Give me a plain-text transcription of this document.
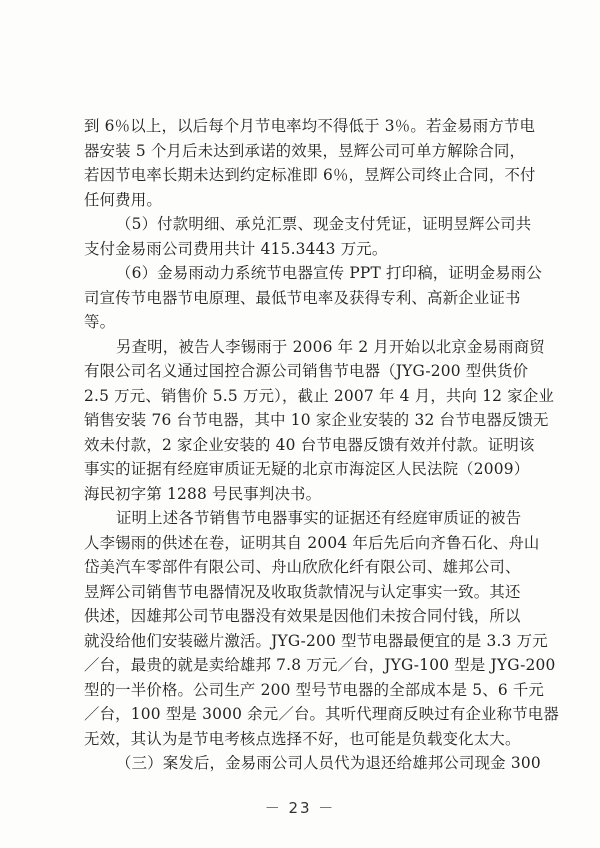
到 6％以上，以后每个月节电率均不得低于 3％。若金易雨方节电
器安装 5 个月后未达到承诺的效果，昱辉公司可单方解除合同，
若因节电率长期未达到约定标准即 6％，昱辉公司终止合同，不付
任何费用。
（5）付款明细、承兑汇票、现金支付凭证，证明昱辉公司共
支付金易雨公司费用共计 415.3443 万元。
（6）金易雨动力系统节电器宣传 PPT 打印稿，证明金易雨公
司宣传节电器节电原理、最低节电率及获得专利、高新企业证书
等。
另查明，被告人李锡雨于 2006 年 2 月开始以北京金易雨商贸
有限公司名义通过国控合源公司销售节电器（JYG-200 型供货价
2.5 万元、销售价 5.5 万元），截止 2007 年 4 月，共向 12 家企业
销售安装 76 台节电器，其中 10 家企业安装的 32 台节电器反馈无
效未付款，2 家企业安装的 40 台节电器反馈有效并付款。证明该
事实的证据有经庭审质证无疑的北京市海淀区人民法院（2009）
海民初字第 1288 号民事判决书。
证明上述各节销售节电器事实的证据还有经庭审质证的被告
人李锡雨的供述在卷，证明其自 2004 年后先后向齐鲁石化、舟山
岱美汽车零部件有限公司、舟山欣欣化纤有限公司、雄邦公司、
昱辉公司销售节电器情况及收取货款情况与认定事实一致。其还
供述，因雄邦公司节电器没有效果是因他们未按合同付钱，所以
就没给他们安装磁片激活。JYG-200 型节电器最便宜的是 3.3 万元
／台，最贵的就是卖给雄邦 7.8 万元／台，JYG-100 型是 JYG-200
型的一半价格。公司生产 200 型号节电器的全部成本是 5、6 千元
／台，100 型是 3000 余元／台。其听代理商反映过有企业称节电器
无效，其认为是节电考核点选择不好，也可能是负载变化太大。
（三）案发后，金易雨公司人员代为退还给雄邦公司现金 300
－ 23 －
